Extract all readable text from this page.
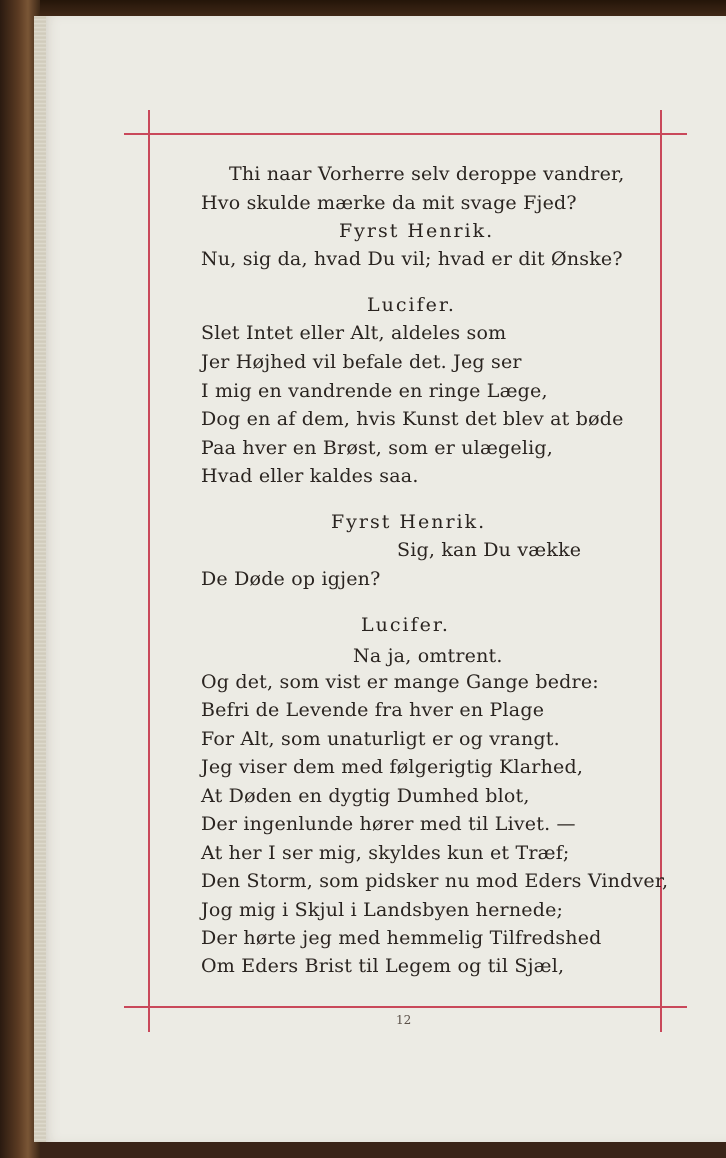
Thi naar Vorherre selv deroppe vandrer,
Hvo skulde mærke da mit svage Fjed?
Fyrst Henrik.
Nu, sig da, hvad Du vil; hvad er dit Ønske?
Lucifer.
Slet Intet eller Alt, aldeles som
Jer Højhed vil befale det. Jeg ser
I mig en vandrende en ringe Læge,
Dog en af dem, hvis Kunst det blev at bøde
Paa hver en Brøst, som er ulægelig,
Hvad eller kaldes saa.
Fyrst Henrik.
Sig, kan Du vække
De Døde op igjen?
Lucifer.
Na ja, omtrent.
Og det, som vist er mange Gange bedre:
Befri de Levende fra hver en Plage
For Alt, som unaturligt er og vrangt.
Jeg viser dem med følgerigtig Klarhed,
At Døden en dygtig Dumhed blot,
Der ingenlunde hører med til Livet. —
At her I ser mig, skyldes kun et Træf;
Den Storm, som pidsker nu mod Eders Vindver,
Jog mig i Skjul i Landsbyen hernede;
Der hørte jeg med hemmelig Tilfredshed
Om Eders Brist til Legem og til Sjæl,
12
